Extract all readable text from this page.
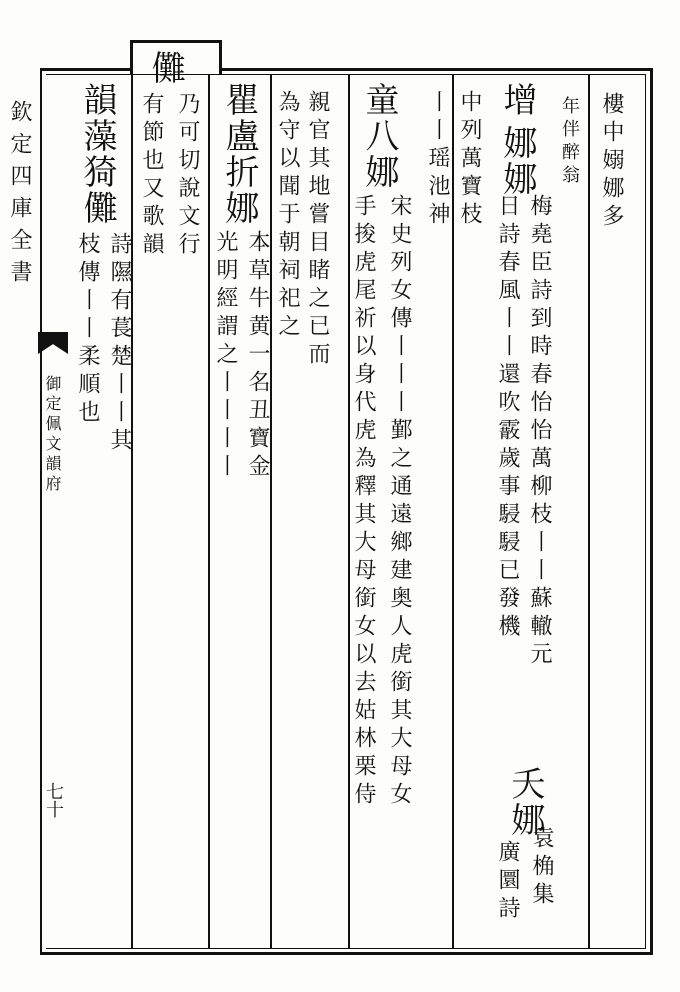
欽定四庫全書
御定佩文韻府
七十
樓中嫋娜多
年伴醉翁
增
娜娜
梅堯臣詩到時春怡怡萬柳枝丨丨蘇轍元
日詩春風丨丨還吹霰歲事駸駸已發機
夭娜
袁桷集
廣圜詩
中列萬寶枝
丨丨瑶池神
童八娜
宋史列女傳丨丨丨鄞之通遠鄉建奥人虎銜其大母女
手捘虎尾祈以身代虎為釋其大母銜女以去姑林栗侍
親官其地嘗目睹之已而
為守以聞于朝祠祀之
瞿盧折娜
本草牛黄一名丑寶金
光明經謂之丨丨丨丨
儺
乃可切說文行
有節也又歌韻
韻藻猗儺
詩隰有萇楚丨丨其
枝傳丨丨柔順也
